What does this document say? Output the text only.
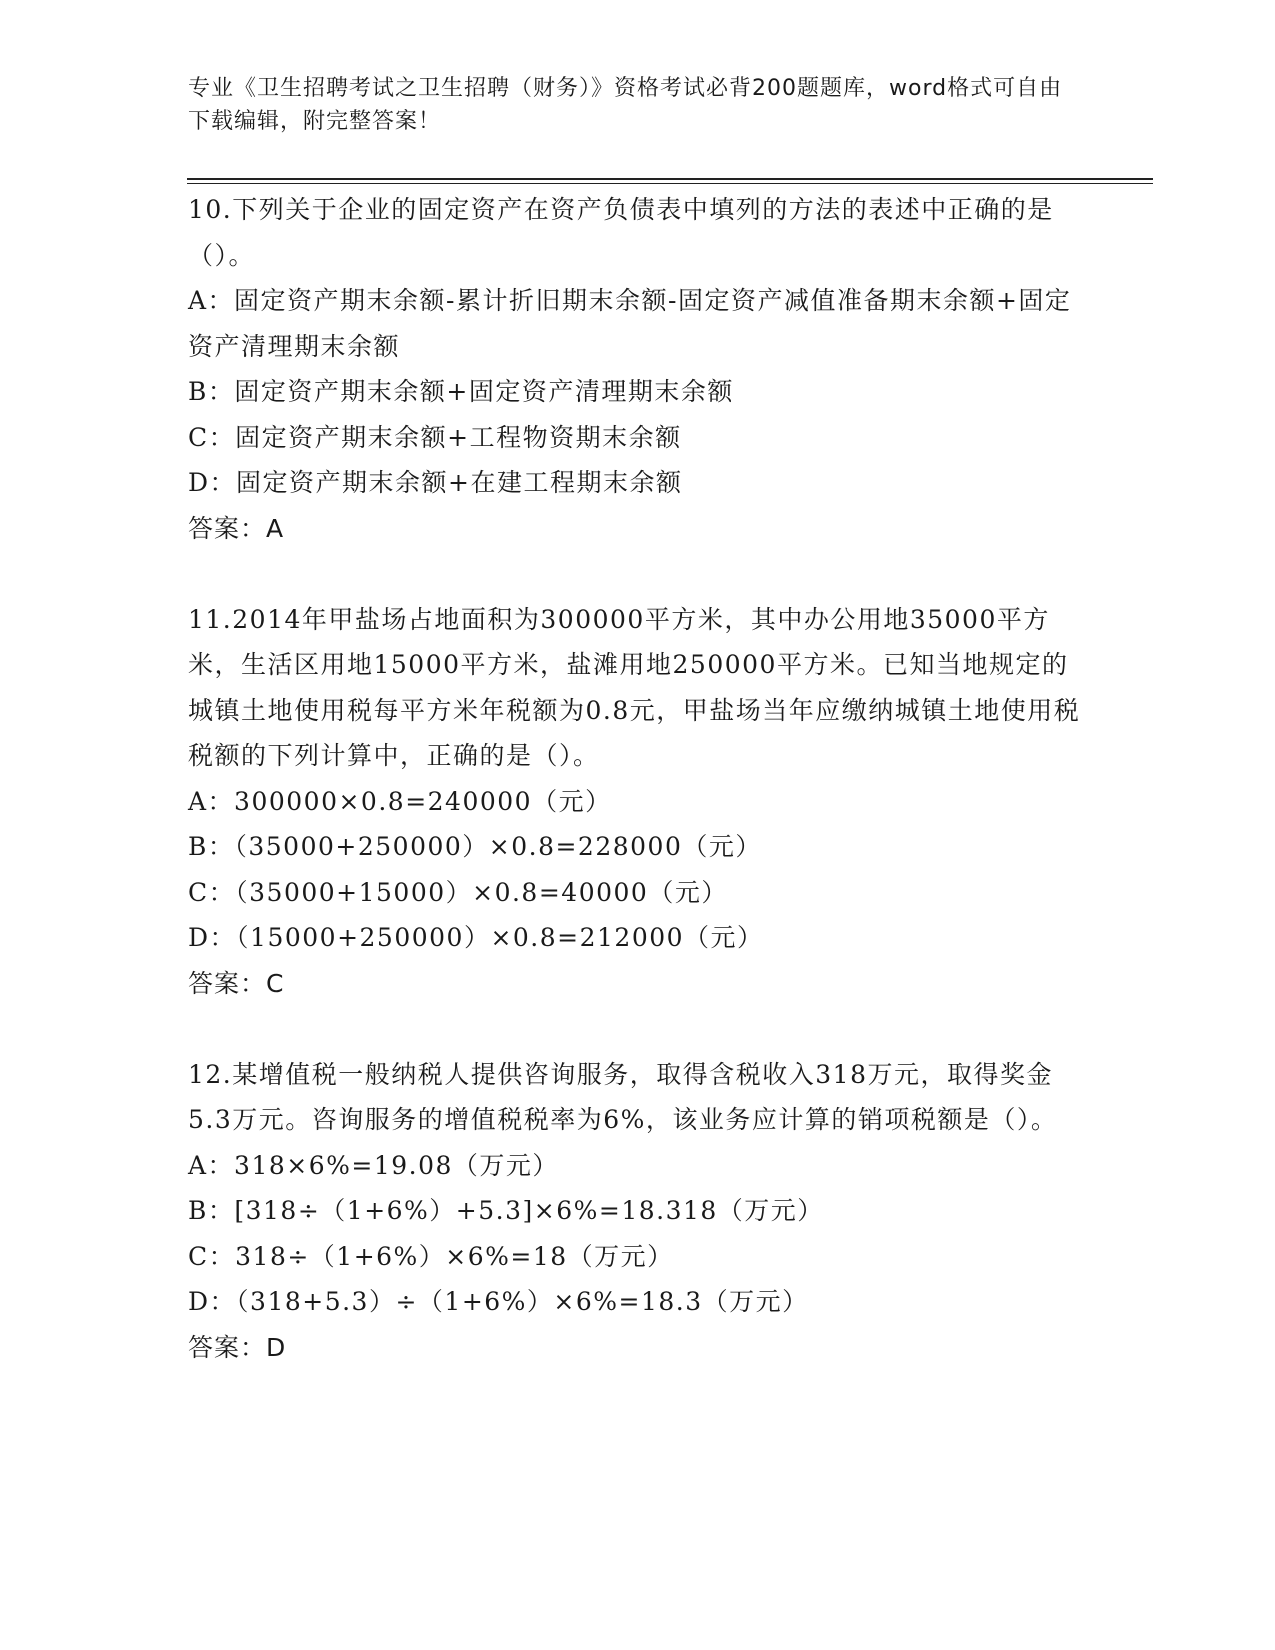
专业《卫生招聘考试之卫生招聘（财务）》资格考试必背200题题库，word格式可自由下载编辑，附完整答案！

10.下列关于企业的固定资产在资产负债表中填列的方法的表述中正确的是（）。

A：固定资产期末余额-累计折旧期末余额-固定资产减值准备期末余额+固定资产清理期末余额

B：固定资产期末余额+固定资产清理期末余额

C：固定资产期末余额+工程物资期末余额

D：固定资产期末余额+在建工程期末余额

答案：A

11.2014年甲盐场占地面积为300000平方米，其中办公用地35000平方米，生活区用地15000平方米，盐滩用地250000平方米。已知当地规定的城镇土地使用税每平方米年税额为0.8元，甲盐场当年应缴纳城镇土地使用税税额的下列计算中，正确的是（）。

A：300000×0.8=240000（元）

B：（35000+250000）×0.8=228000（元）

C：（35000+15000）×0.8=40000（元）

D：（15000+250000）×0.8=212000（元）

答案：C

12.某增值税一般纳税人提供咨询服务，取得含税收入318万元，取得奖金5.3万元。咨询服务的增值税税率为6%，该业务应计算的销项税额是（）。

A：318×6%=19.08（万元）

B：[318÷（1+6%）+5.3]×6%=18.318（万元）

C：318÷（1+6%）×6%=18（万元）

D：（318+5.3）÷（1+6%）×6%=18.3（万元）

答案：D
